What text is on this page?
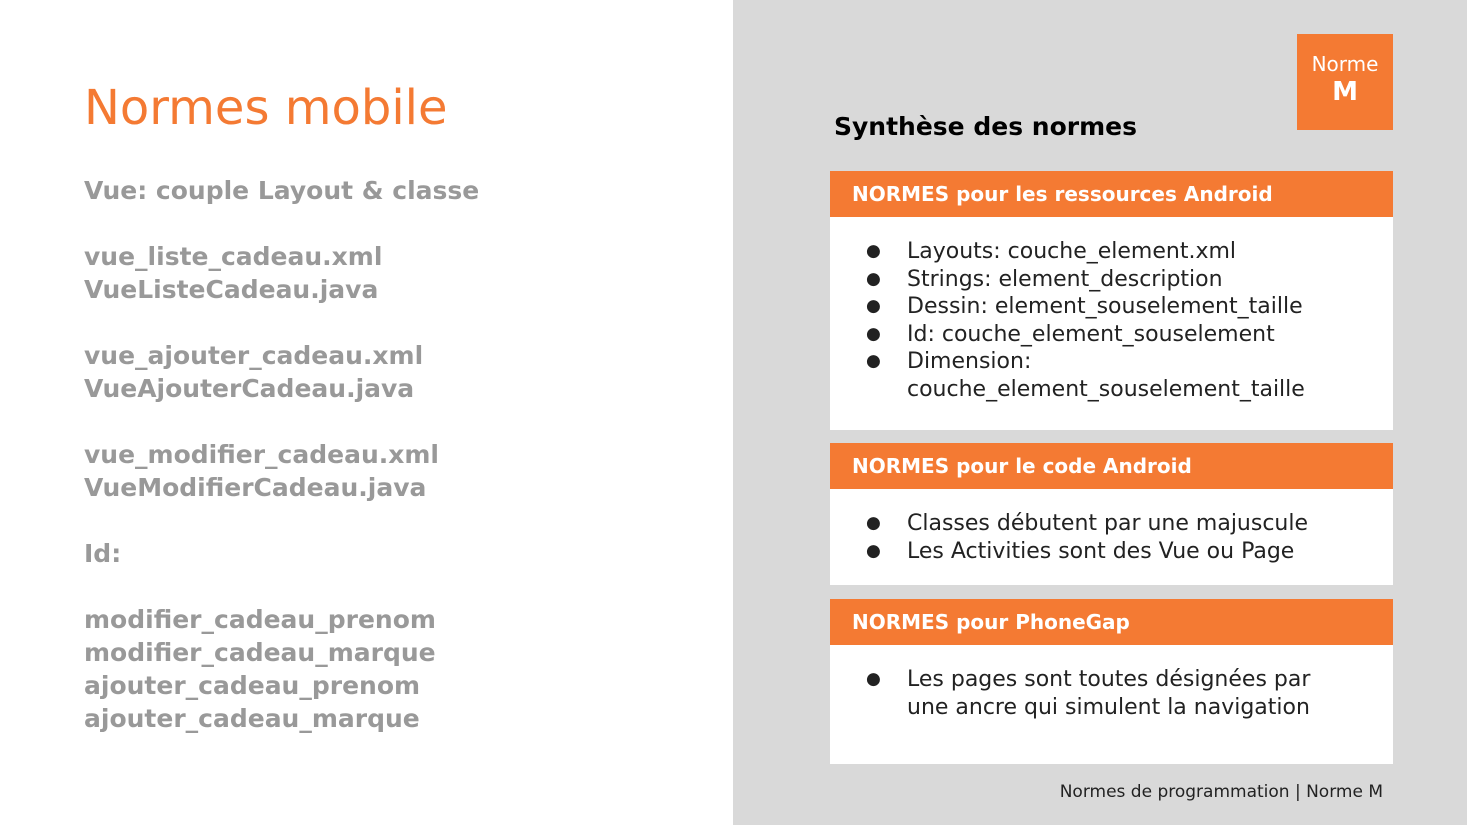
Normes mobile
Vue: couple Layout & classe
vue_liste_cadeau.xml
VueListeCadeau.java
vue_ajouter_cadeau.xml
VueAjouterCadeau.java
vue_modifier_cadeau.xml
VueModifierCadeau.java
Id:
modifier_cadeau_prenom
modifier_cadeau_marque
ajouter_cadeau_prenom
ajouter_cadeau_marque
Norme
M
Synthèse des normes
NORMES pour les ressources Android
● Layouts: couche_element.xml
● Strings: element_description
● Dessin: element_souselement_taille
● Id: couche_element_souselement
● Dimension: couche_element_souselement_taille
NORMES pour le code Android
● Classes débutent par une majuscule
● Les Activities sont des Vue ou Page
NORMES pour PhoneGap
● Les pages sont toutes désignées par une ancre qui simulent la navigation
Normes de programmation | Norme M
